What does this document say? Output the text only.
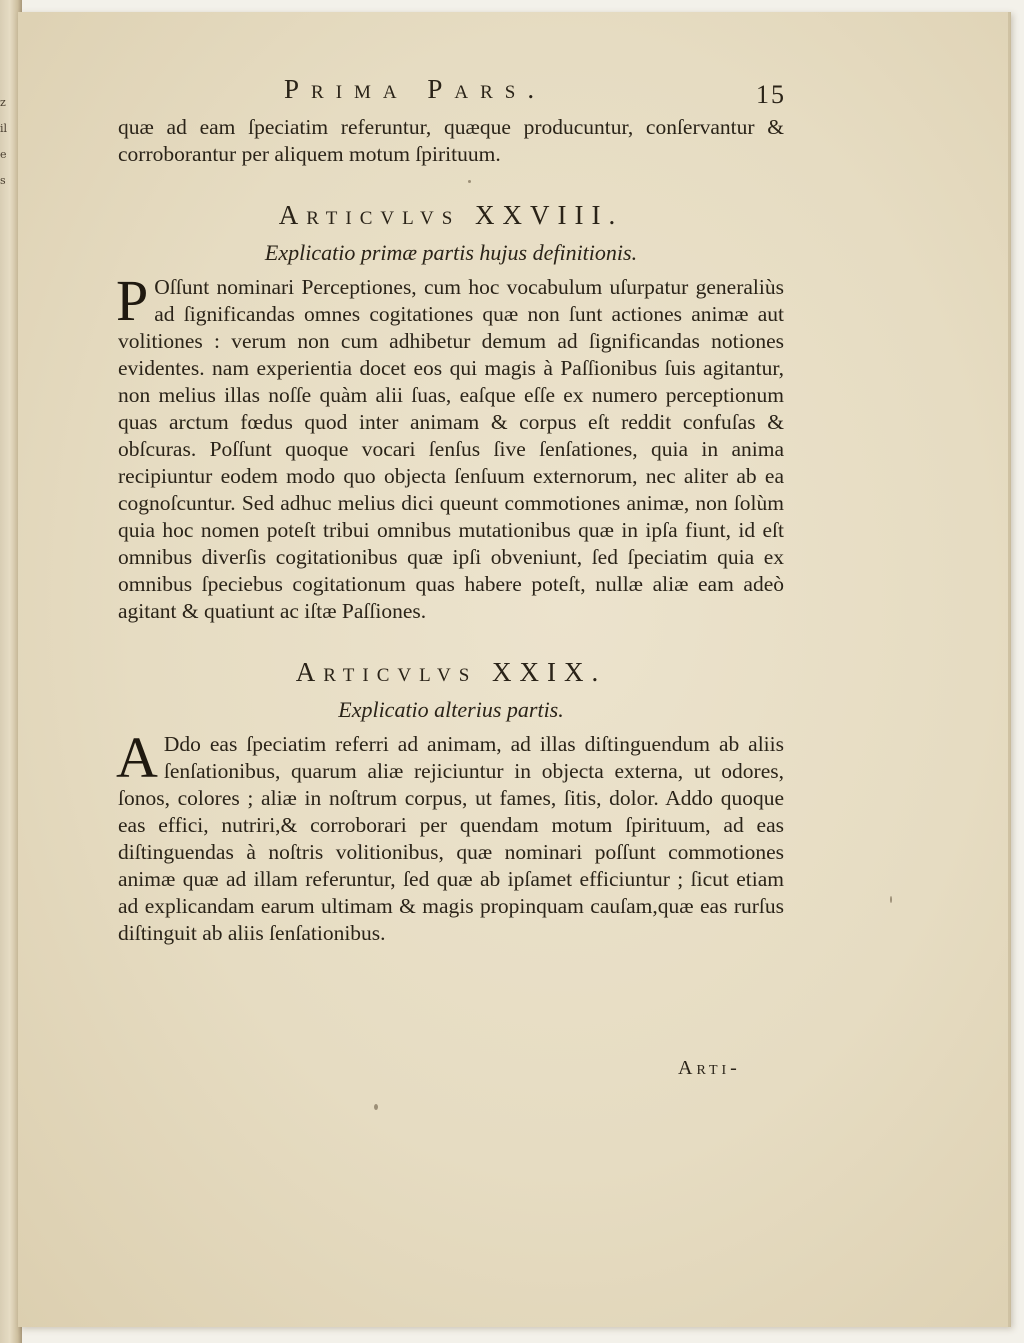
z
il
e
s
Prima Pars.	15

quæ ad eam ſpeciatim referuntur, quæque producuntur, conſervantur & corroborantur per aliquem motum ſpirituum.

Articvlvs XXVIII.
Explicatio primæ partis hujus definitionis.
P Oſſunt nominari Perceptiones, cum hoc vocabulum uſurpatur generaliùs ad ſignificandas omnes cogitationes quæ non ſunt actiones animæ aut volitiones : verum non cum adhibetur demum ad ſignificandas notiones evidentes. nam experientia docet eos qui magis à Paſſionibus ſuis agitantur, non melius illas noſſe quàm alii ſuas, eaſque eſſe ex numero perceptionum quas arctum fœdus quod inter animam & corpus eſt reddit confuſas & obſcuras. Poſſunt quoque vocari ſenſus ſive ſenſationes, quia in anima recipiuntur eodem modo quo objecta ſenſuum externorum, nec aliter ab ea cognoſcuntur. Sed adhuc melius dici queunt commotiones animæ, non ſolùm quia hoc nomen poteſt tribui omnibus mutationibus quæ in ipſa fiunt, id eſt omnibus diverſis cogitationibus quæ ipſi obveniunt, ſed ſpeciatim quia ex omnibus ſpeciebus cogitationum quas habere poteſt, nullæ aliæ eam adeò agitant & quatiunt ac iſtæ Paſſiones.

Articvlvs XXIX.
Explicatio alterius partis.
A Ddo eas ſpeciatim referri ad animam, ad illas diſtinguendum ab aliis ſenſationibus, quarum aliæ rejiciuntur in objecta externa, ut odores, ſonos, colores ; aliæ in noſtrum corpus, ut fames, ſitis, dolor. Addo quoque eas effici, nutriri,& corroborari per quendam motum ſpirituum, ad eas diſtinguendas à noſtris volitionibus, quæ nominari poſſunt commotiones animæ quæ ad illam referuntur, ſed quæ ab ipſamet efficiuntur ; ſicut etiam ad explicandam earum ultimam & magis propinquam cauſam,quæ eas rurſus diſtinguit ab aliis ſenſationibus.

Arti-
